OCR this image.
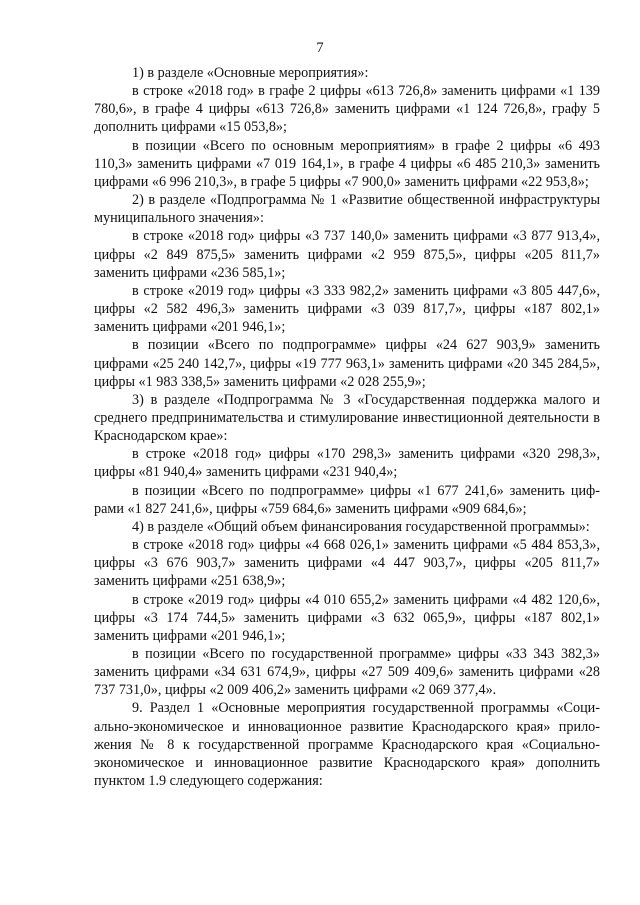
7

1) в разделе «Основные мероприятия»:

в строке «2018 год» в графе 2 цифры «613 726,8» заменить цифрами «1 139 780,6», в графе 4 цифры «613 726,8» заменить цифрами «1 124 726,8», графу 5 дополнить цифрами «15 053,8»;

в позиции «Всего по основным мероприятиям» в графе 2 цифры «6 493 110,3» заменить цифрами «7 019 164,1», в графе 4 цифры «6 485 210,3» заменить цифрами «6 996 210,3», в графе 5 цифры «7 900,0» заменить цифрами «22 953,8»;

2) в разделе «Подпрограмма № 1 «Развитие общественной инфраструктуры муниципального значения»:

в строке «2018 год» цифры «3 737 140,0» заменить цифрами «3 877 913,4», цифры «2 849 875,5» заменить цифрами «2 959 875,5», цифры «205 811,7» заменить цифрами «236 585,1»;

в строке «2019 год» цифры «3 333 982,2» заменить цифрами «3 805 447,6», цифры «2 582 496,3» заменить цифрами «3 039 817,7», цифры «187 802,1» заменить цифрами «201 946,1»;

в позиции «Всего по подпрограмме» цифры «24 627 903,9» заменить цифрами «25 240 142,7», цифры «19 777 963,1» заменить цифрами «20 345 284,5», цифры «1 983 338,5» заменить цифрами «2 028 255,9»;

3) в разделе «Подпрограмма № 3 «Государственная поддержка малого и среднего предпринимательства и стимулирование инвестиционной деятельности в Краснодарском крае»:

в строке «2018 год» цифры «170 298,3» заменить цифрами «320 298,3», цифры «81 940,4» заменить цифрами «231 940,4»;

в позиции «Всего по подпрограмме» цифры «1 677 241,6» заменить цифрами «1 827 241,6», цифры «759 684,6» заменить цифрами «909 684,6»;

4) в разделе «Общий объем финансирования государственной программы»:

в строке «2018 год» цифры «4 668 026,1» заменить цифрами «5 484 853,3», цифры «3 676 903,7» заменить цифрами «4 447 903,7», цифры «205 811,7» заменить цифрами «251 638,9»;

в строке «2019 год» цифры «4 010 655,2» заменить цифрами «4 482 120,6», цифры «3 174 744,5» заменить цифрами «3 632 065,9», цифры «187 802,1» заменить цифрами «201 946,1»;

в позиции «Всего по государственной программе» цифры «33 343 382,3» заменить цифрами «34 631 674,9», цифры «27 509 409,6» заменить цифрами «28 737 731,0», цифры «2 009 406,2» заменить цифрами «2 069 377,4».

9. Раздел 1 «Основные мероприятия государственной программы «Социально-экономическое и инновационное развитие Краснодарского края» приложения № 8 к государственной программе Краснодарского края «Социально-экономическое и инновационное развитие Краснодарского края» дополнить пунктом 1.9 следующего содержания:
